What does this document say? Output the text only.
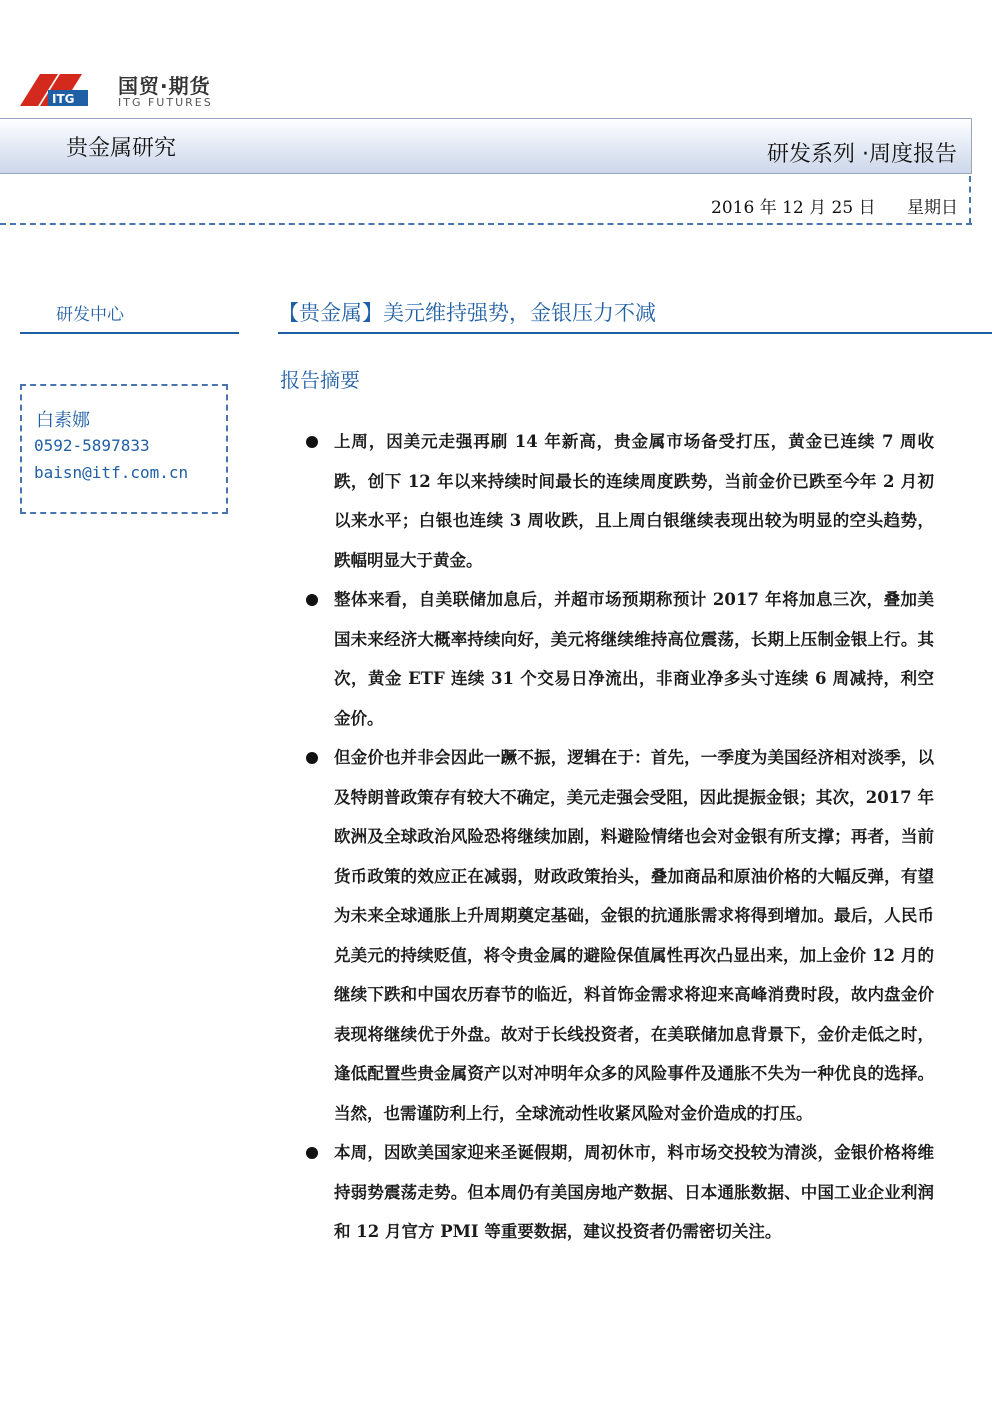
ITG
国贸·期货
ITG FUTURES
贵金属研究	研发系列 ·周度报告
2016 年 12 月 25 日 星期日
研发中心
白素娜
0592-5897833
baisn@itf.com.cn
【贵金属】美元维持强势，金银压力不减
报告摘要
上周，因美元走强再刷 14 年新高，贵金属市场备受打压，黄金已连续 7 周收跌，创下 12 年以来持续时间最长的连续周度跌势，当前金价已跌至今年 2 月初以来水平；白银也连续 3 周收跌，且上周白银继续表现出较为明显的空头趋势，跌幅明显大于黄金。
整体来看，自美联储加息后，并超市场预期称预计 2017 年将加息三次，叠加美国未来经济大概率持续向好，美元将继续维持高位震荡，长期上压制金银上行。其次，黄金 ETF 连续 31 个交易日净流出，非商业净多头寸连续 6 周减持，利空金价。
但金价也并非会因此一蹶不振，逻辑在于：首先，一季度为美国经济相对淡季，以及特朗普政策存有较大不确定，美元走强会受阻，因此提振金银；其次，2017 年欧洲及全球政治风险恐将继续加剧，料避险情绪也会对金银有所支撑；再者，当前货币政策的效应正在减弱，财政政策抬头，叠加商品和原油价格的大幅反弹，有望为未来全球通胀上升周期奠定基础，金银的抗通胀需求将得到增加。最后，人民币兑美元的持续贬值，将令贵金属的避险保值属性再次凸显出来，加上金价 12 月的继续下跌和中国农历春节的临近，料首饰金需求将迎来高峰消费时段，故内盘金价表现将继续优于外盘。故对于长线投资者，在美联储加息背景下，金价走低之时，逢低配置些贵金属资产以对冲明年众多的风险事件及通胀不失为一种优良的选择。当然，也需谨防利上行，全球流动性收紧风险对金价造成的打压。
本周，因欧美国家迎来圣诞假期，周初休市，料市场交投较为清淡，金银价格将维持弱势震荡走势。但本周仍有美国房地产数据、日本通胀数据、中国工业企业利润和 12 月官方 PMI 等重要数据，建议投资者仍需密切关注。
